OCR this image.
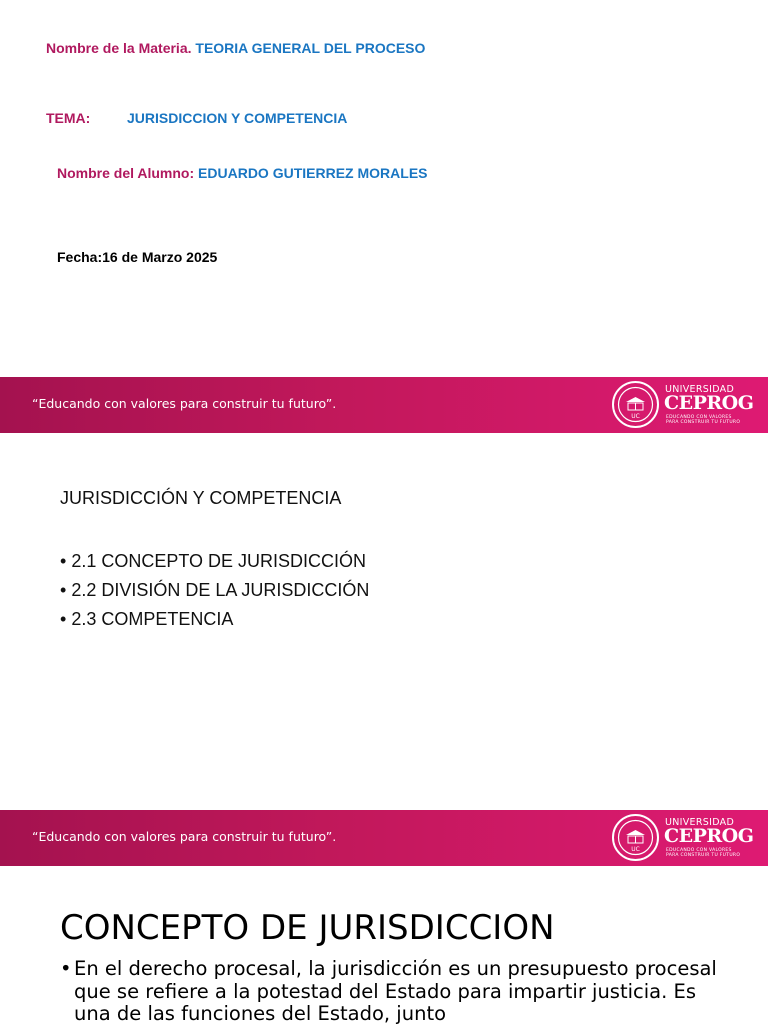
Nombre de la Materia. TEORIA GENERAL DEL PROCESO
TEMA:	JURISDICCION Y COMPETENCIA
Nombre del Alumno: EDUARDO GUTIERREZ MORALES
Fecha:16 de Marzo 2025
“Educando con valores para construir tu futuro”.
UC
UNIVERSIDAD
CEPROG
EDUCANDO CON VALORES
PARA CONSTRUIR TU FUTURO
JURISDICCIÓN Y COMPETENCIA
• 2.1 CONCEPTO DE JURISDICCIÓN
• 2.2 DIVISIÓN DE LA JURISDICCIÓN
• 2.3 COMPETENCIA
“Educando con valores para construir tu futuro”.
UC
UNIVERSIDAD
CEPROG
EDUCANDO CON VALORES
PARA CONSTRUIR TU FUTURO
CONCEPTO DE JURISDICCION
• En el derecho procesal, la jurisdicción es un presupuesto procesal que se refiere a la potestad del Estado para impartir justicia. Es una de las funciones del Estado, junto
